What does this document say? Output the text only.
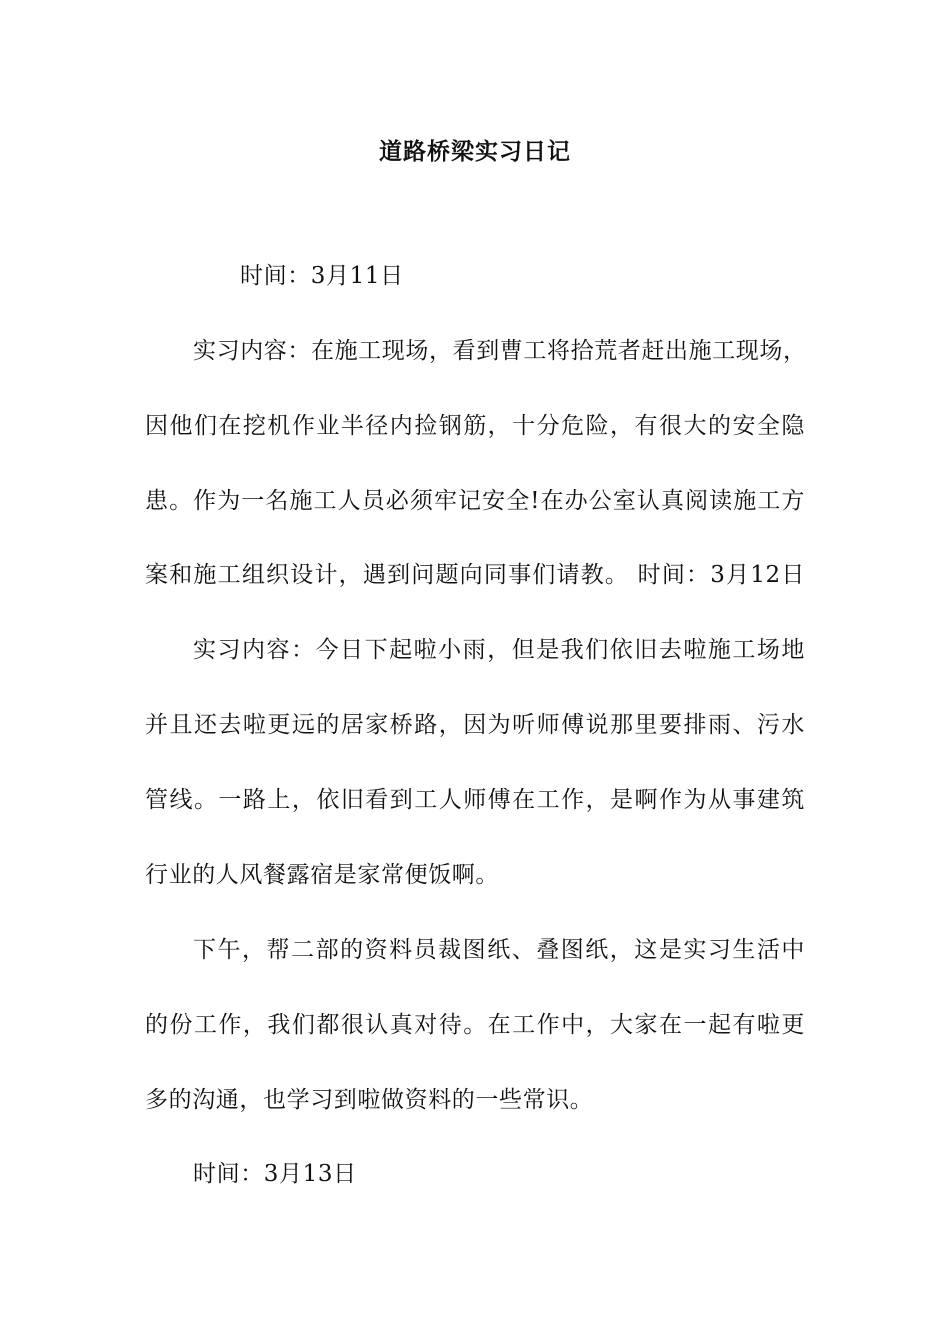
道路桥梁实习日记
时间：3月11日
实习内容：在施工现场，看到曹工将拾荒者赶出施工现场，
因他们在挖机作业半径内捡钢筋，十分危险，有很大的安全隐
患。作为一名施工人员必须牢记安全!在办公室认真阅读施工方
案和施工组织设计，遇到问题向同事们请教。 时间：3月12日
实习内容：今日下起啦小雨，但是我们依旧去啦施工场地
并且还去啦更远的居家桥路，因为听师傅说那里要排雨、污水
管线。一路上，依旧看到工人师傅在工作，是啊作为从事建筑
行业的人风餐露宿是家常便饭啊。
下午，帮二部的资料员裁图纸、叠图纸，这是实习生活中
的份工作，我们都很认真对待。在工作中，大家在一起有啦更
多的沟通，也学习到啦做资料的一些常识。
时间：3月13日
